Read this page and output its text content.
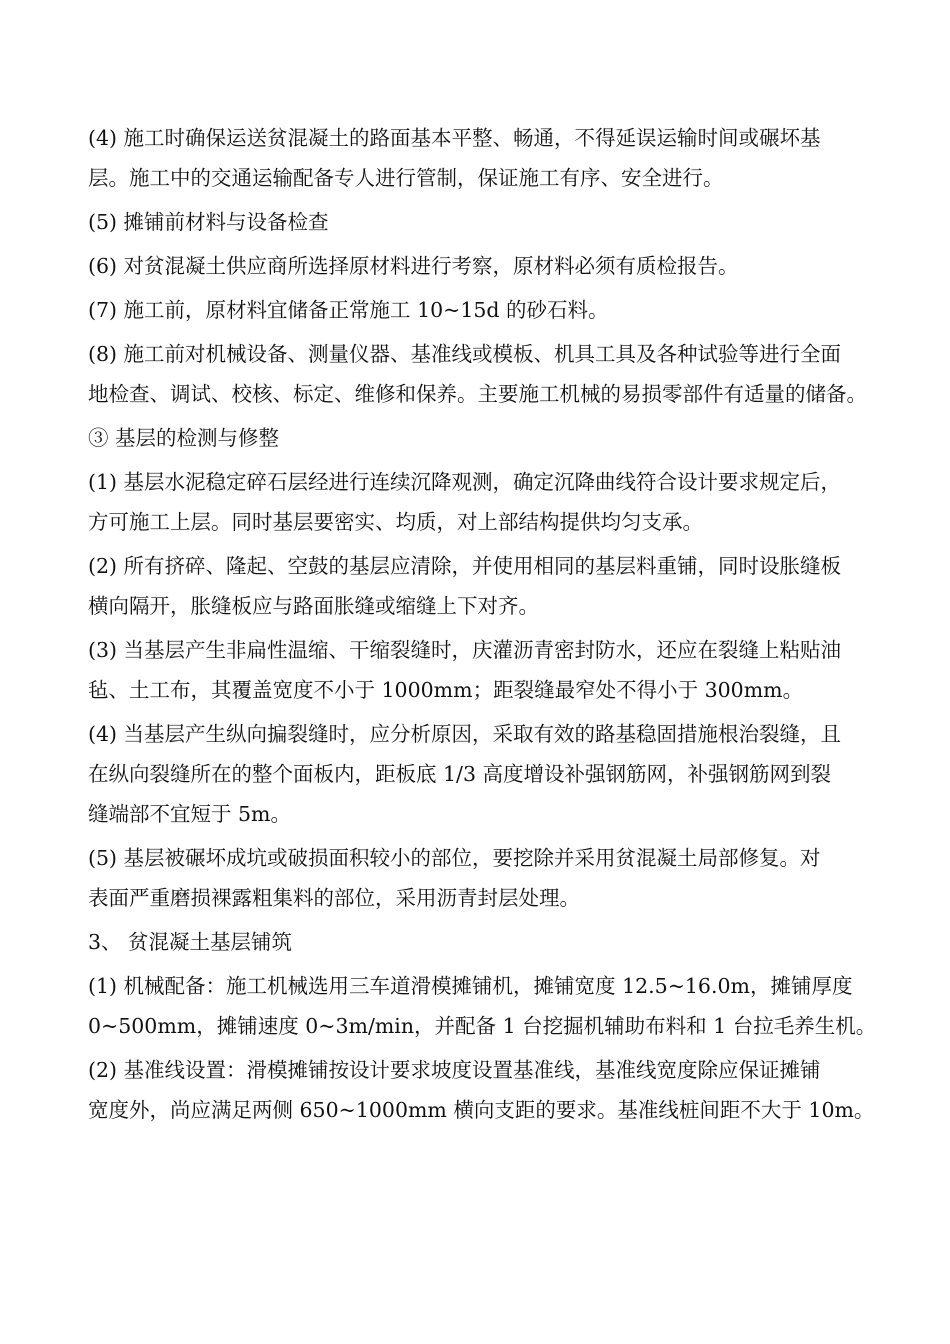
(4) 施工时确保运送贫混凝土的路面基本平整、畅通，不得延误运输时间或碾坏基
层。施工中的交通运输配备专人进行管制，保证施工有序、安全进行。

(5) 摊铺前材料与设备检查

(6) 对贫混凝土供应商所选择原材料进行考察，原材料必须有质检报告。

(7) 施工前，原材料宜储备正常施工 10~15d 的砂石料。

(8) 施工前对机械设备、测量仪器、基准线或模板、机具工具及各种试验等进行全面
地检查、调试、校核、标定、维修和保养。主要施工机械的易损零部件有适量的储备。

③ 基层的检测与修整

(1) 基层水泥稳定碎石层经进行连续沉降观测，确定沉降曲线符合设计要求规定后，
方可施工上层。同时基层要密实、均质，对上部结构提供均匀支承。

(2) 所有挤碎、隆起、空鼓的基层应清除，并使用相同的基层料重铺，同时设胀缝板
横向隔开，胀缝板应与路面胀缝或缩缝上下对齐。

(3) 当基层产生非扁性温缩、干缩裂缝时，庆灌沥青密封防水，还应在裂缝上粘贴油
毡、土工布，其覆盖宽度不小于 1000mm；距裂缝最窄处不得小于 300mm。

(4) 当基层产生纵向揙裂缝时，应分析原因，采取有效的路基稳固措施根治裂缝，且
在纵向裂缝所在的整个面板内，距板底 1/3 高度增设补强钢筋网，补强钢筋网到裂
缝端部不宜短于 5m。

(5) 基层被碾坏成坑或破损面积较小的部位，要挖除并采用贫混凝土局部修复。对
表面严重磨损裸露粗集料的部位，采用沥青封层处理。

3、 贫混凝土基层铺筑

(1) 机械配备：施工机械选用三车道滑模摊铺机，摊铺宽度 12.5~16.0m，摊铺厚度
0~500mm，摊铺速度 0~3m/min，并配备 1 台挖掘机辅助布料和 1 台拉毛养生机。

(2) 基准线设置：滑模摊铺按设计要求坡度设置基准线，基准线宽度除应保证摊铺
宽度外，尚应满足两侧 650~1000mm 横向支距的要求。基准线桩间距不大于 10m。
